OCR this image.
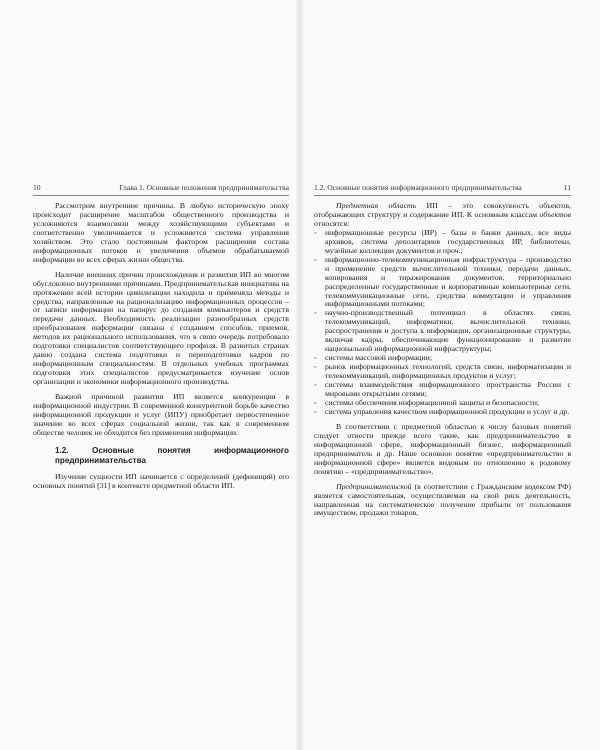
10	Глава 1. Основные положения предпринимательства

Рассмотрим внутренние причины. В любую историческую эпоху происходит расширение масштабов общественного производства и усложняются взаимосвязи между хозяйствующими субъектами и соответственно увеличивается и усложняется система управления хозяйством. Это стало постоянным фактором расширения состава информационных потоков и увеличения объемов обрабатываемой информации во всех сферах жизни общества.

Наличие внешних причин происхождения и развития ИП во многом обусловлено внутренними причинами. Предпринимательская инициатива на протяжении всей истории цивилизации находила и применяла методы и средства, направленные на рационализацию информационных процессов – от записи информации на папирус до создания компьютеров и средств передачи данных. Необходимость реализации разнообразных средств преобразования информации связана с созданием способов, приемов, методов их рационального использования, что в свою очередь потребовало подготовки специалистов соответствующего профиля. В развитых странах давно создана система подготовки и переподготовки кадров по информационным специальностям. В отдельных учебных программах подготовки этих специалистов предусматривается изучение основ организации и экономики информационного производства.

Важной причиной развития ИП является конкуренция в информационной индустрии. В современной конкурентной борьбе качество информационной продукции и услуг (ИПУ) приобретает первостепенное значение во всех сферах социальной жизни, так как в современном обществе человек не обходится без применения информации.

1.2. Основные понятия информационного предпринимательства

Изучение сущности ИП начинается с определений (дефиниций) его основных понятий [31] в контексте предметной области ИП.

1.2. Основные понятия информационного предпринимательства	11

Предметная область ИП – это совокупность объектов, отображающих структуру и содержание ИП. К основным классам объектов относятся:

◦ информационные ресурсы (ИР) – базы и банки данных, все виды архивов, система депозитариев государственных ИР, библиотеки, музейные коллекции документов и проч.;
◦ информационно-телекоммуникационная инфраструктура – производство и применение средств вычислительной техники, передачи данных, копирования и тиражирования документов, территориально распределенные государственные и корпоративные компьютерные сети, телекоммуникационные сети, средства коммутации и управления информационными потоками;
◦ научно-производственный потенциал в областях связи, телекоммуникаций, информатики, вычислительной техники, распространения и доступа к информации, организационные структуры, включая кадры, обеспечивающие функционирование и развитие национальной информационной инфраструктуры;
◦ системы массовой информации;
◦ рынок информационных технологий, средств связи, информатизации и телекоммуникаций, информационных продуктов и услуг;
◦ системы взаимодействия информационного пространства России с мировыми открытыми сетями;
◦ системы обеспечения информационной защиты и безопасности;
◦ система управления качеством информационной продукции и услуг и др.

В соответствии с предметной областью к числу базовых понятий следует отнести прежде всего такие, как предпринимательство в информационной сфере, информационный бизнес, информационный предприниматель и др. Наше основное понятие «предпринимательство в информационной сфере» является видовым по отношению к родовому понятию – «предпринимательство».

Предпринимательской (в соответствии с Гражданским кодексом РФ) является самостоятельная, осуществляемая на свой риск деятельность, направленная на систематическое получение прибыли от пользования имуществом, продажи товаров,
